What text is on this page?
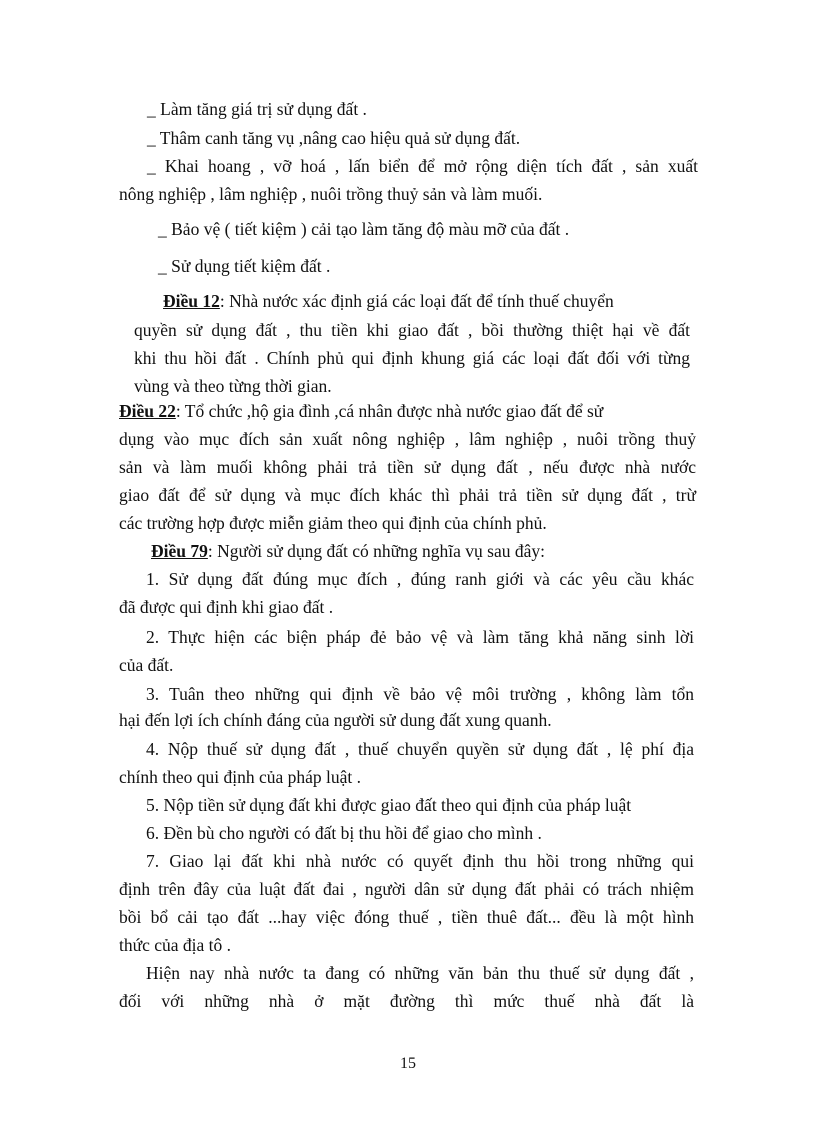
_ Làm tăng giá trị sử dụng đất .
_ Thâm canh tăng vụ ,nâng cao hiệu quả sử dụng đất.
_ Khai hoang , vỡ hoá , lấn biển để mở rộng diện tích đất , sản xuất
nông nghiệp , lâm nghiệp , nuôi trồng thuỷ sản và làm muối.
_ Bảo vệ ( tiết kiệm ) cải tạo làm tăng độ màu mỡ của đất .
_ Sử dụng tiết kiệm đất .
Điều 12: Nhà nước xác định giá các loại đất để tính thuế chuyển
quyền sử dụng đất , thu tiền khi giao đất , bồi thường thiệt hại về đất
khi thu hồi đất . Chính phủ qui định khung giá các loại đất đối với từng
vùng và theo từng thời gian.
Điều 22: Tổ chức ,hộ gia đình ,cá nhân được nhà nước giao đất để sử
dụng vào mục đích sản xuất nông nghiệp , lâm nghiệp , nuôi trồng thuỷ
sản và làm muối không phải trả tiền sử dụng đất , nếu được nhà nước
giao đất để sử dụng và mục đích khác thì phải trả tiền sử dụng đất , trừ
các trường hợp được miễn giảm theo qui định của chính phủ.
Điều 79: Người sử dụng đất có những nghĩa vụ sau đây:
1. Sử dụng đất đúng mục đích , đúng ranh giới và các yêu cầu khác
đã được qui định khi giao đất .
2. Thực hiện các biện pháp đẻ bảo vệ và làm tăng khả năng sinh lời
của đất.
3. Tuân theo những qui định về bảo vệ môi trường , không làm tổn
hại đến lợi ích chính đáng của người sử dung đất xung quanh.
4. Nộp thuế sử dụng đất , thuế chuyển quyền sử dụng đất , lệ phí địa
chính theo qui định của pháp luật .
5. Nộp tiền sử dụng đất khi được giao đất theo qui định của pháp luật
6. Đền bù cho người có đất bị thu hồi để giao cho mình .
7. Giao lại đất khi nhà nước có quyết định thu hồi trong những qui
định trên đây của luật đất đai , người dân sử dụng đất phải có trách nhiệm
bồi bổ cải tạo đất ...hay việc đóng thuế , tiền thuê đất... đều là một hình
thức của địa tô .
Hiện nay nhà nước ta đang có những văn bản thu thuế sử dụng đất ,
đối với những nhà ở mặt đường thì mức thuế nhà đất là
15
